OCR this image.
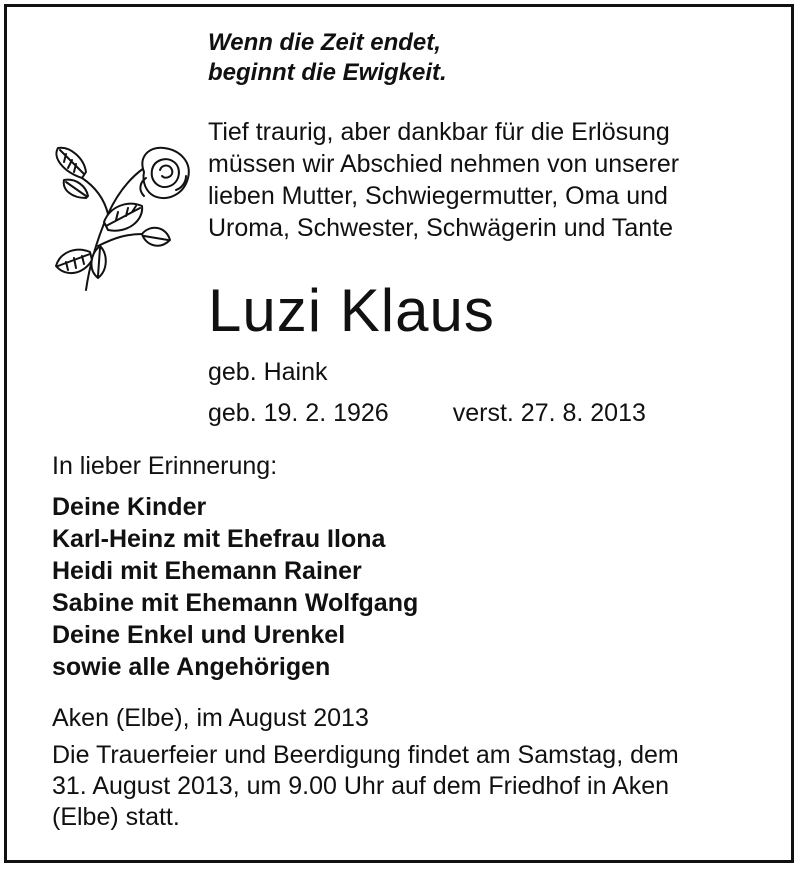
Wenn die Zeit endet,
beginnt die Ewigkeit.
Tief traurig, aber dankbar für die Erlösung
müssen wir Abschied nehmen von unserer
lieben Mutter, Schwiegermutter, Oma und
Uroma, Schwester, Schwägerin und Tante
Luzi Klaus
geb. Haink
geb. 19. 2. 1926	verst. 27. 8. 2013
In lieber Erinnerung:
Deine Kinder
Karl-Heinz mit Ehefrau Ilona
Heidi mit Ehemann Rainer
Sabine mit Ehemann Wolfgang
Deine Enkel und Urenkel
sowie alle Angehörigen
Aken (Elbe), im August 2013
Die Trauerfeier und Beerdigung findet am Samstag, dem
31. August 2013, um 9.00 Uhr auf dem Friedhof in Aken
(Elbe) statt.
